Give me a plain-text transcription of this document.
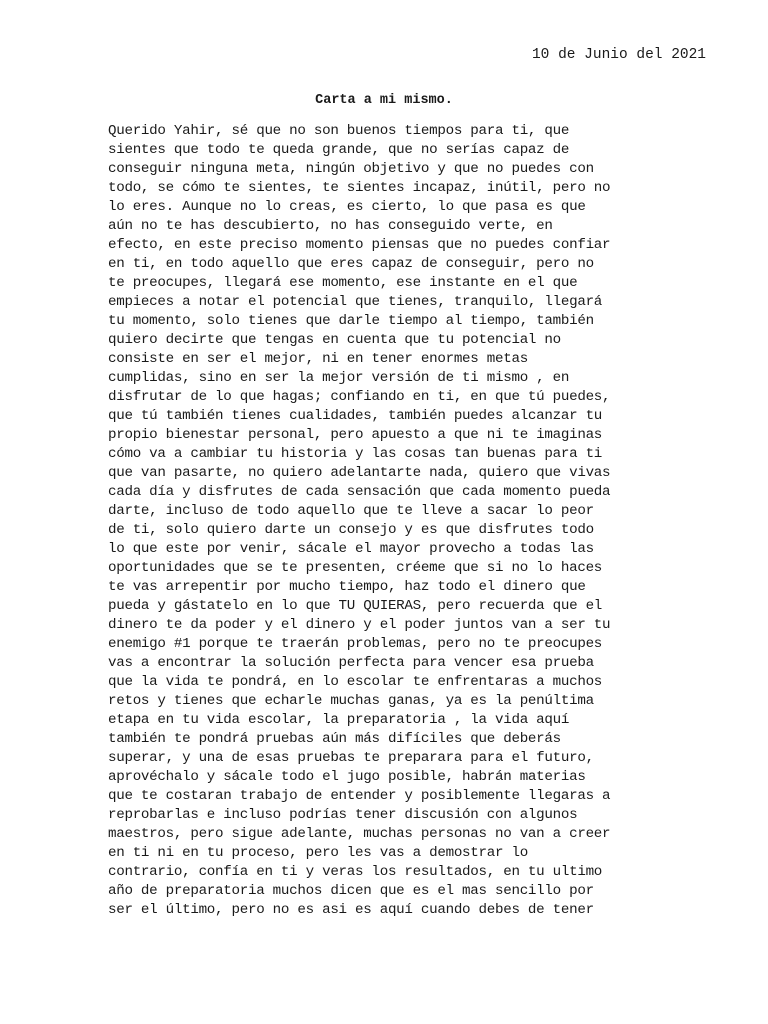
10 de Junio del 2021
Carta a mi mismo.
Querido Yahir, sé que no son buenos tiempos para ti, que
sientes que todo te queda grande, que no serías capaz de
conseguir ninguna meta, ningún objetivo y que no puedes con
todo, se cómo te sientes, te sientes incapaz, inútil, pero no
lo eres. Aunque no lo creas, es cierto, lo que pasa es que
aún no te has descubierto, no has conseguido verte, en
efecto, en este preciso momento piensas que no puedes confiar
en ti, en todo aquello que eres capaz de conseguir, pero no
te preocupes, llegará ese momento, ese instante en el que
empieces a notar el potencial que tienes, tranquilo, llegará
tu momento, solo tienes que darle tiempo al tiempo, también
quiero decirte que tengas en cuenta que tu potencial no
consiste en ser el mejor, ni en tener enormes metas
cumplidas, sino en ser la mejor versión de ti mismo , en
disfrutar de lo que hagas; confiando en ti, en que tú puedes,
que tú también tienes cualidades, también puedes alcanzar tu
propio bienestar personal, pero apuesto a que ni te imaginas
cómo va a cambiar tu historia y las cosas tan buenas para ti
que van pasarte, no quiero adelantarte nada, quiero que vivas
cada día y disfrutes de cada sensación que cada momento pueda
darte, incluso de todo aquello que te lleve a sacar lo peor
de ti, solo quiero darte un consejo y es que disfrutes todo
lo que este por venir, sácale el mayor provecho a todas las
oportunidades que se te presenten, créeme que si no lo haces
te vas arrepentir por mucho tiempo, haz todo el dinero que
pueda y gástatelo en lo que TU QUIERAS, pero recuerda que el
dinero te da poder y el dinero y el poder juntos van a ser tu
enemigo #1 porque te traerán problemas, pero no te preocupes
vas a encontrar la solución perfecta para vencer esa prueba
que la vida te pondrá, en lo escolar te enfrentaras a muchos
retos y tienes que echarle muchas ganas, ya es la penúltima
etapa en tu vida escolar, la preparatoria , la vida aquí
también te pondrá pruebas aún más difíciles que deberás
superar, y una de esas pruebas te preparara para el futuro,
aprovéchalo y sácale todo el jugo posible, habrán materias
que te costaran trabajo de entender y posiblemente llegaras a
reprobarlas e incluso podrías tener discusión con algunos
maestros, pero sigue adelante, muchas personas no van a creer
en ti ni en tu proceso, pero les vas a demostrar lo
contrario, confía en ti y veras los resultados, en tu ultimo
año de preparatoria muchos dicen que es el mas sencillo por
ser el último, pero no es asi es aquí cuando debes de tener
